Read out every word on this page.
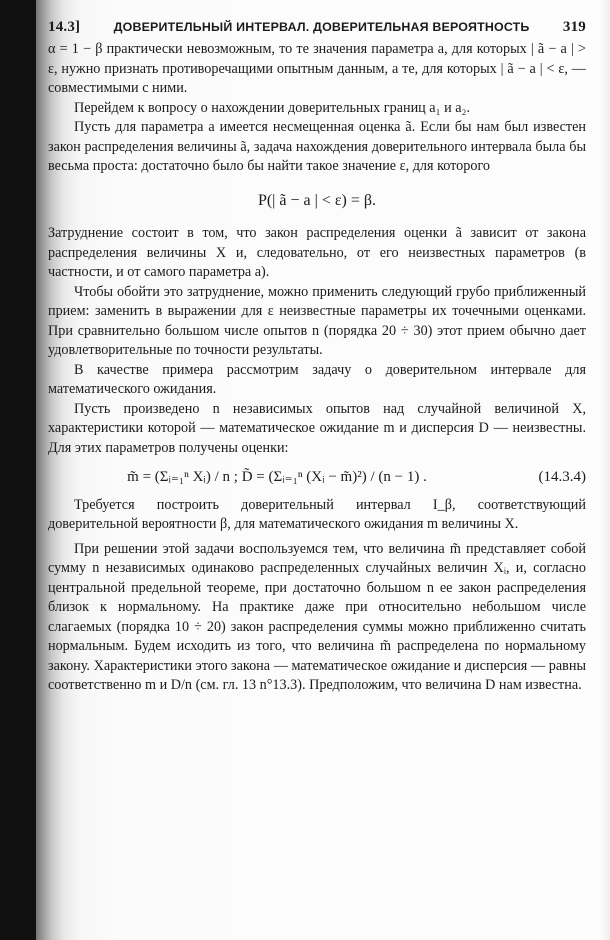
14.3]	ДОВЕРИТЕЛЬНЫЙ ИНТЕРВАЛ. ДОВЕРИТЕЛЬНАЯ ВЕРОЯТНОСТЬ	319

α = 1 − β практически невозможным, то те значения параметра a, для которых | ã − a | > ε, нужно признать противоречащими опытным данным, а те, для которых | ã − a | < ε, — совместимыми с ними.

Перейдем к вопросу о нахождении доверительных границ a₁ и a₂.

Пусть для параметра a имеется несмещенная оценка ã. Если бы нам был известен закон распределения величины ã, задача нахождения доверительного интервала была бы весьма проста: достаточно было бы найти такое значение ε, для которого

P(| ã − a | < ε) = β.

Затруднение состоит в том, что закон распределения оценки ã зависит от закона распределения величины X и, следовательно, от его неизвестных параметров (в частности, и от самого параметра a).

Чтобы обойти это затруднение, можно применить следующий грубо приближенный прием: заменить в выражении для ε неизвестные параметры их точечными оценками. При сравнительно большом числе опытов n (порядка 20 ÷ 30) этот прием обычно дает удовлетворительные по точности результаты.

В качестве примера рассмотрим задачу о доверительном интервале для математического ожидания.

Пусть произведено n независимых опытов над случайной величиной X, характеристики которой — математическое ожидание m и дисперсия D — неизвестны. Для этих параметров получены оценки:

m̃ = (Σᵢ₌₁ⁿ Xᵢ) / n ; D̃ = (Σᵢ₌₁ⁿ (Xᵢ − m̃)²) / (n − 1) .	(14.3.4)

Требуется построить доверительный интервал I_β, соответствующий доверительной вероятности β, для математического ожидания m величины X.

При решении этой задачи воспользуемся тем, что величина m̃ представляет собой сумму n независимых одинаково распределенных случайных величин Xᵢ, и, согласно центральной предельной теореме, при достаточно большом n ее закон распределения близок к нормальному. На практике даже при относительно небольшом числе слагаемых (порядка 10 ÷ 20) закон распределения суммы можно приближенно считать нормальным. Будем исходить из того, что величина m̃ распределена по нормальному закону. Характеристики этого закона — математическое ожидание и дисперсия — равны соответственно m и D/n (см. гл. 13 n°13.3). Предположим, что величина D нам известна.
